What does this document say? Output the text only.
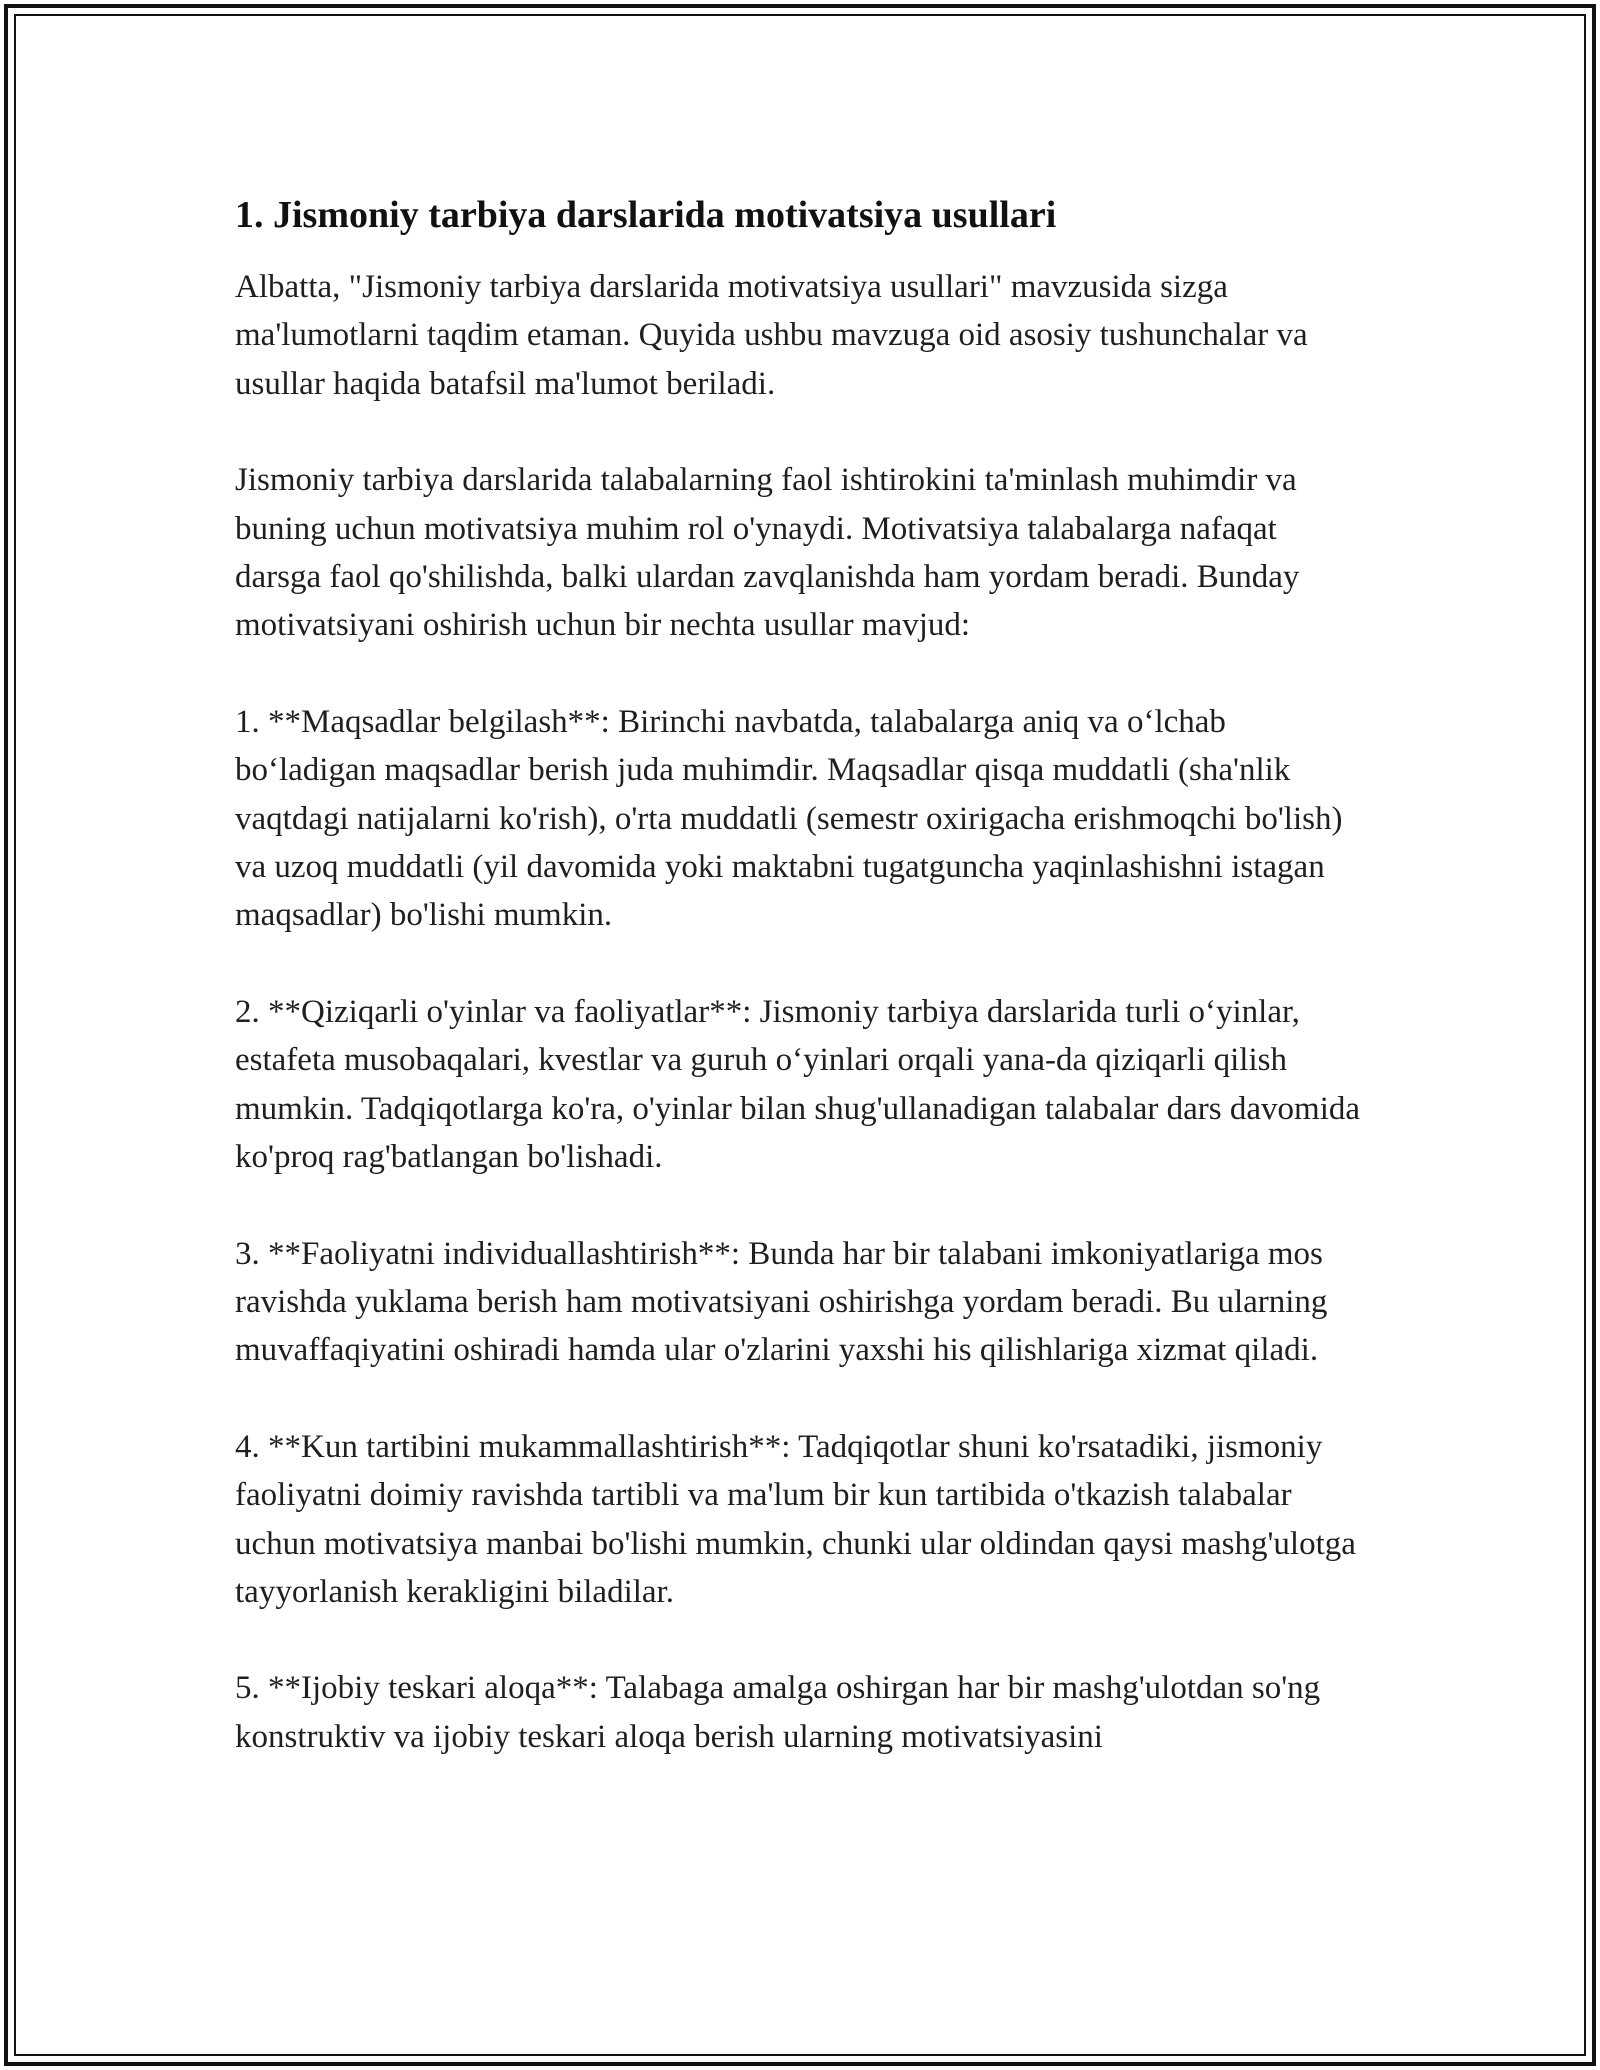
1. Jismoniy tarbiya darslarida motivatsiya usullari

Albatta, "Jismoniy tarbiya darslarida motivatsiya usullari" mavzusida sizga ma'lumotlarni taqdim etaman. Quyida ushbu mavzuga oid asosiy tushunchalar va usullar haqida batafsil ma'lumot beriladi.

Jismoniy tarbiya darslarida talabalarning faol ishtirokini ta'minlash muhimdir va buning uchun motivatsiya muhim rol o'ynaydi. Motivatsiya talabalarga nafaqat darsga faol qo'shilishda, balki ulardan zavqlanishda ham yordam beradi. Bunday motivatsiyani oshirish uchun bir nechta usullar mavjud:

1. **Maqsadlar belgilash**: Birinchi navbatda, talabalarga aniq va o‘lchab bo‘ladigan maqsadlar berish juda muhimdir. Maqsadlar qisqa muddatli (sha'nlik vaqtdagi natijalarni ko'rish), o'rta muddatli (semestr oxirigacha erishmoqchi bo'lish) va uzoq muddatli (yil davomida yoki maktabni tugatguncha yaqinlashishni istagan maqsadlar) bo'lishi mumkin.

2. **Qiziqarli o'yinlar va faoliyatlar**: Jismoniy tarbiya darslarida turli o‘yinlar, estafeta musobaqalari, kvestlar va guruh o‘yinlari orqali yana-da qiziqarli qilish mumkin. Tadqiqotlarga ko'ra, o'yinlar bilan shug'ullanadigan talabalar dars davomida ko'proq rag'batlangan bo'lishadi.

3. **Faoliyatni individuallashtirish**: Bunda har bir talabani imkoniyatlariga mos ravishda yuklama berish ham motivatsiyani oshirishga yordam beradi. Bu ularning muvaffaqiyatini oshiradi hamda ular o'zlarini yaxshi his qilishlariga xizmat qiladi.

4. **Kun tartibini mukammallashtirish**: Tadqiqotlar shuni ko'rsatadiki, jismoniy faoliyatni doimiy ravishda tartibli va ma'lum bir kun tartibida o'tkazish talabalar uchun motivatsiya manbai bo'lishi mumkin, chunki ular oldindan qaysi mashg'ulotga tayyorlanish kerakligini biladilar.

5. **Ijobiy teskari aloqa**: Talabaga amalga oshirgan har bir mashg'ulotdan so'ng konstruktiv va ijobiy teskari aloqa berish ularning motivatsiyasini
